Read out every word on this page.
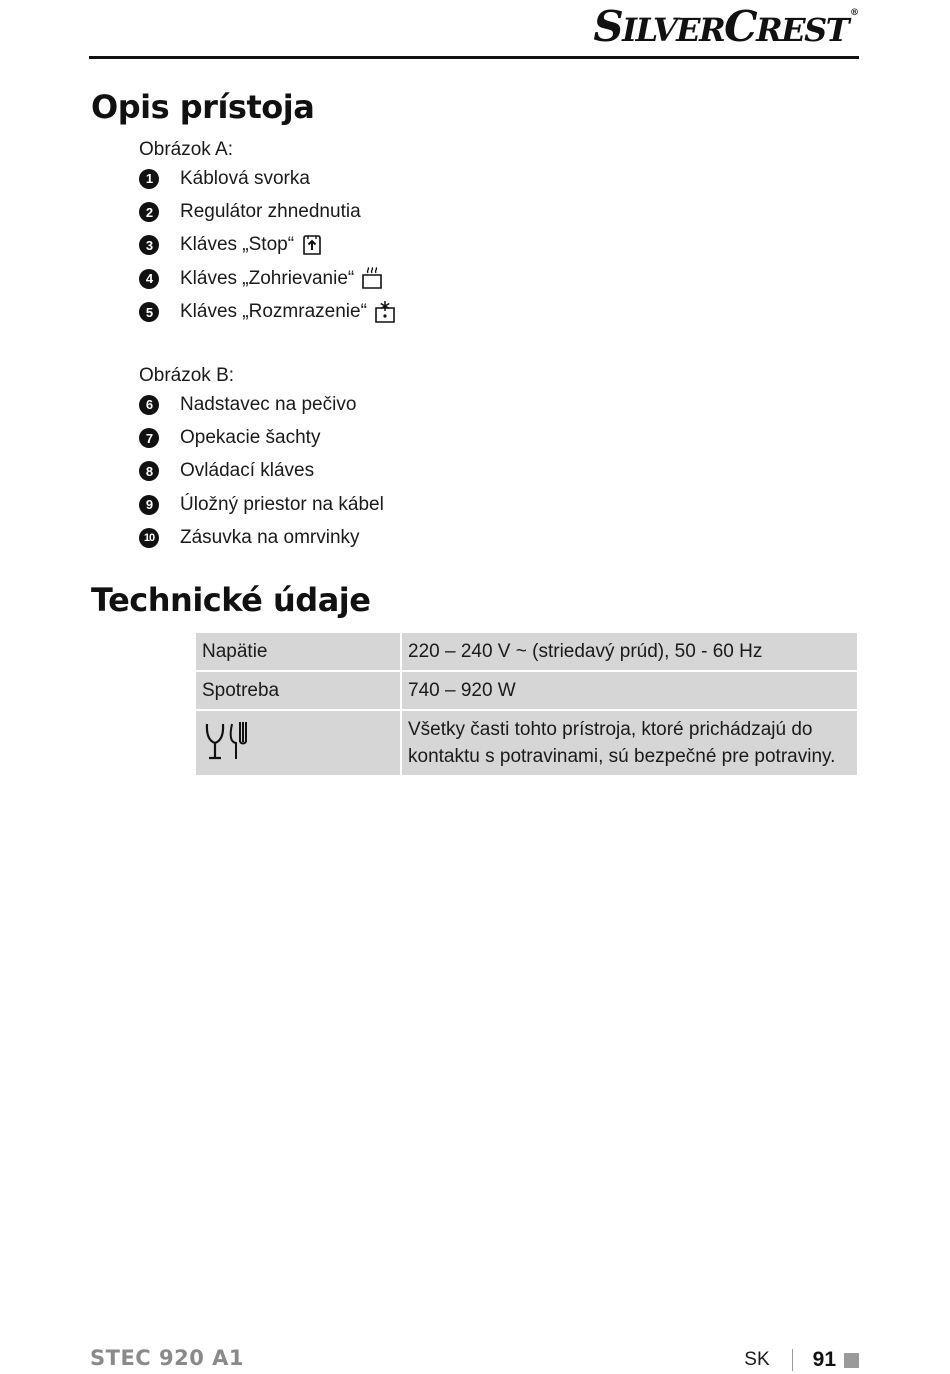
SILVERCREST ®
Opis prístoja
Obrázok A:
1	Káblová svorka
2	Regulátor zhnednutia
3	Kláves „Stop“
4	Kláves „Zohrievanie“
5	Kláves „Rozmrazenie“
Obrázok B:
6	Nadstavec na pečivo
7	Opekacie šachty
8	Ovládací kláves
9	Úložný priestor na kábel
10 Zásuvka na omrvinky
Technické údaje
Napätie	220 – 240 V ~ (striedavý prúd), 50 - 60 Hz
Spotreba	740 – 920 W

	Všetky časti tohto prístroja, ktoré prichádzajú do
kontaktu s potravinami, sú bezpečné pre potraviny.
STEC 920 A1	SK 91
